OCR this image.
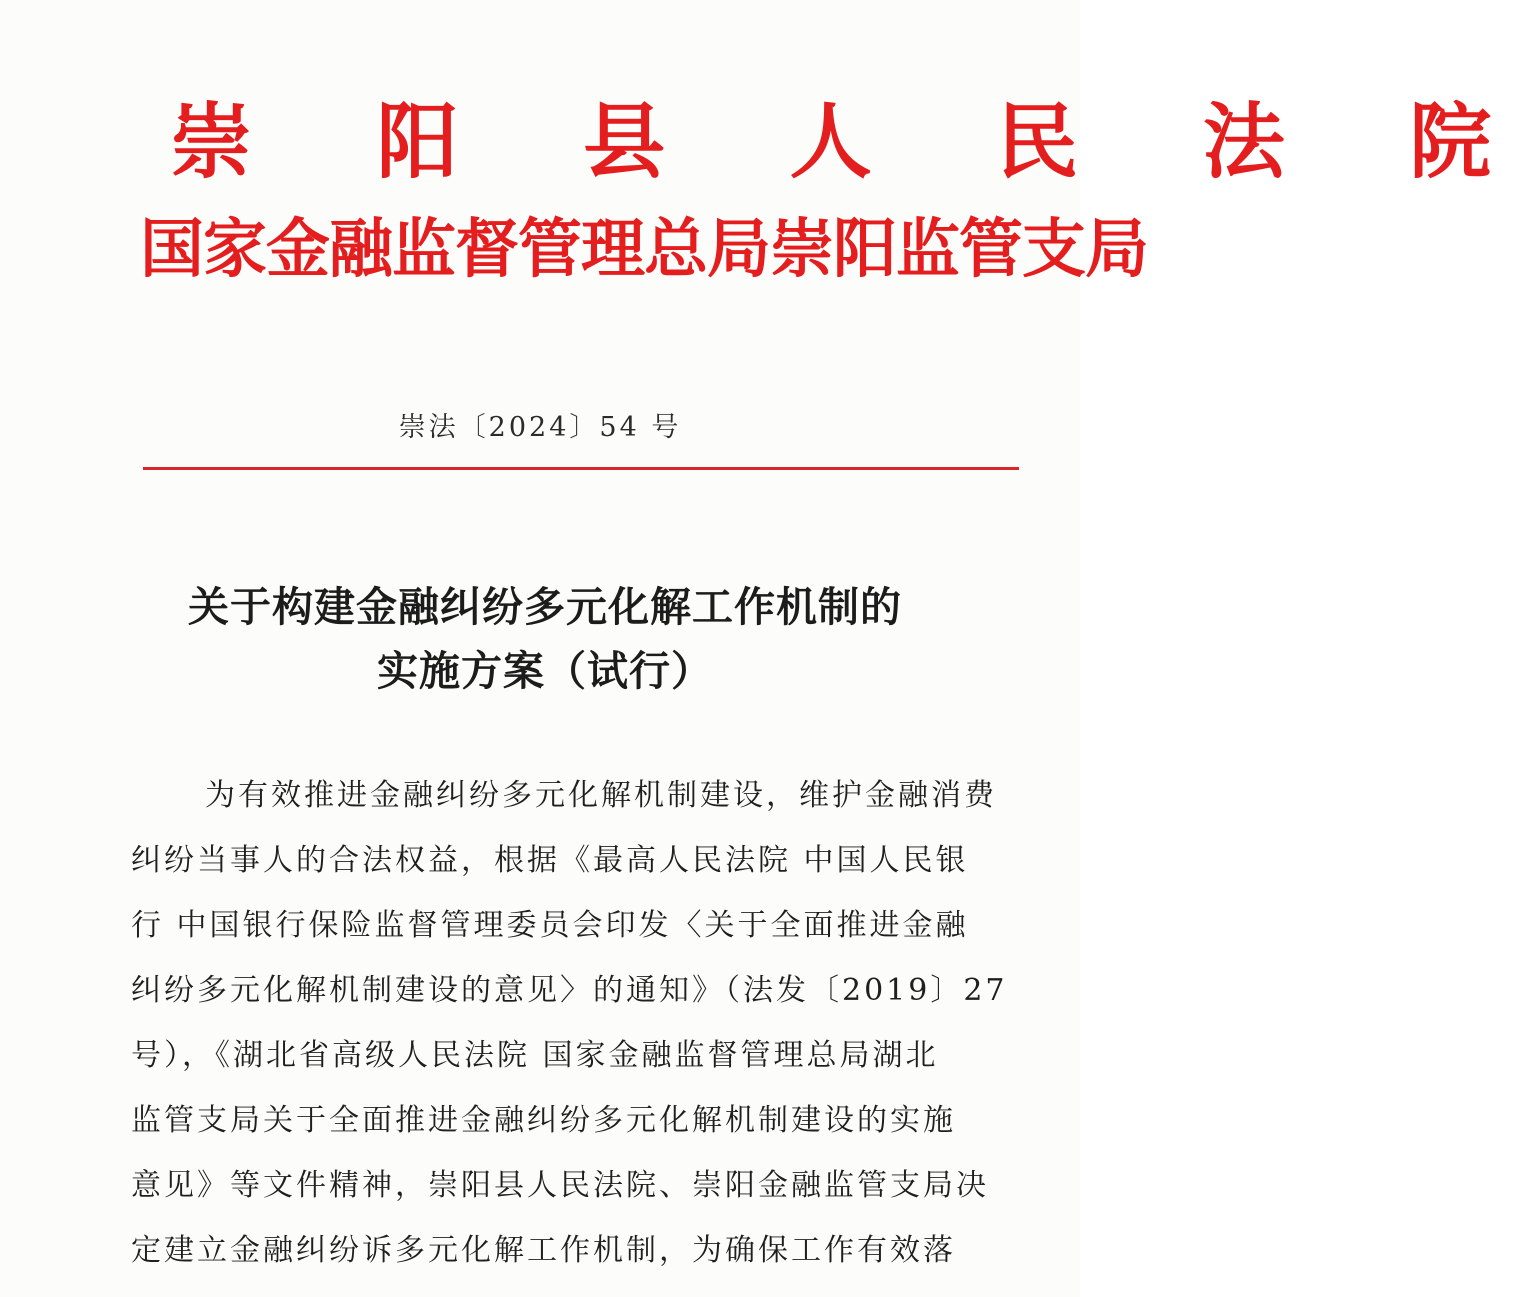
崇 阳 县 人 民 法 院
国家金融监督管理总局崇阳监管支局
崇法〔2024〕54 号
关于构建金融纠纷多元化解工作机制的
实施方案（试行）
为有效推进金融纠纷多元化解机制建设，维护金融消费
纠纷当事人的合法权益，根据《最高人民法院 中国人民银
行 中国银行保险监督管理委员会印发〈关于全面推进金融
纠纷多元化解机制建设的意见〉的通知》（法发〔2019〕27
号），《湖北省高级人民法院 国家金融监督管理总局湖北
监管支局关于全面推进金融纠纷多元化解机制建设的实施
意见》等文件精神，崇阳县人民法院、崇阳金融监管支局决
定建立金融纠纷诉多元化解工作机制，为确保工作有效落
